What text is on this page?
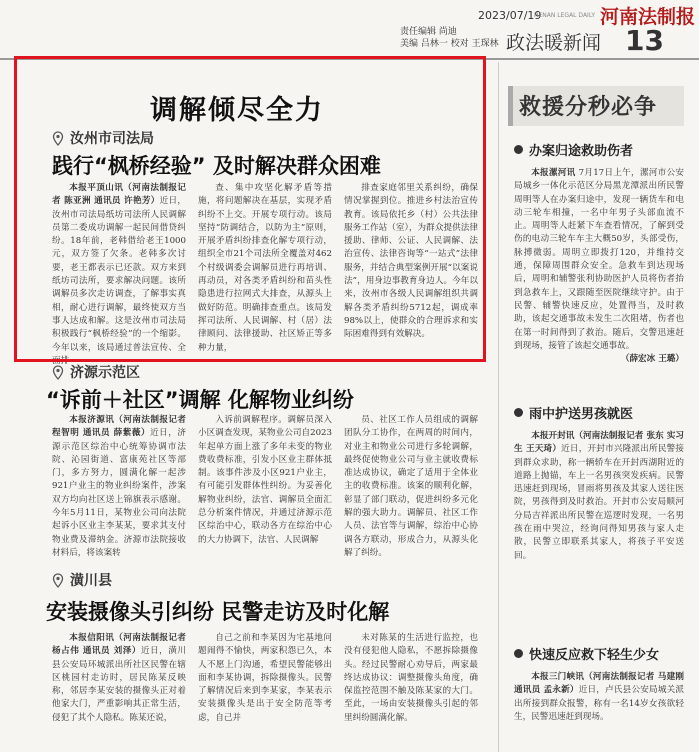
2023/07/19
HENAN LEGAL DAILY 河南法制报
责任编辑 尚迪
美编 吕林一 校对 王琛林 政法暖新闻 13
调解倾尽全力
汝州市司法局
践行“枫桥经验” 及时解决群众困难

本报平顶山讯（河南法制报记者 陈亚洲 通讯员 许艳芳）近日，汝州市司法局纸坊司法所人民调解员第二委成功调解一起民间借贷纠纷。18年前，老韩借给老王1000元，双方签了欠条。老韩多次讨要，老王都表示已还款。双方来到纸坊司法所，要求解决问题。该所调解员多次走访调查，了解事实真相，耐心进行调解，最终使双方当事人达成和解。这是汝州市司法局积极践行“枫桥经验”的一个缩影。今年以来，该局通过普法宣传、全面排

查、集中攻坚化解矛盾等措施，将问题解决在基层，实现矛盾纠纷不上交。开展专项行动。该局坚持“防调结合，以防为主”原则，开展矛盾纠纷排查化解专项行动，组织全市21个司法所全覆盖对462个村级调委会调解员进行再培训、再动员，对各类矛盾纠纷和苗头性隐患进行拉网式大排查，从源头上做好防范。明确排查重点。该局发挥司法所、人民调解、村（居）法律顾问、法律援助、社区矫正等多种力量，

排查家庭邻里关系纠纷，确保情况掌握到位。推进乡村法治宣传教育。该局依托乡（村）公共法律服务工作站（室），为群众提供法律援助、律师、公证、人民调解、法治宣传、法律咨询等“一站式”法律服务，并结合典型案例开展“以案说法”，用身边事教育身边人。今年以来，汝州市各级人民调解组织共调解各类矛盾纠纷5712起，调成率98%以上，使群众的合理诉求和实际困难得到有效解决。

济源示范区
“诉前＋社区”调解 化解物业纠纷

本报济源讯（河南法制报记者 程智明 通讯员 薛紫薇）近日，济源示范区综治中心统筹协调市法院、沁园街道、富康苑社区等部门，多方努力，圆满化解一起涉921户业主的物业纠纷案件，涉案双方均向社区送上锦旗表示感谢。今年5月11日，某物业公司向法院起诉小区业主李某某，要求其支付物业费及滞纳金。济源市法院接收材料后，将该案转

入诉前调解程序。调解员深入小区调查发现，某物业公司自2023年起单方面上涨了多年未变的物业费收费标准，引发小区业主群体抵制。该事件涉及小区921户业主，有可能引发群体性纠纷。为妥善化解物业纠纷，法官、调解员全面汇总分析案件情况，并通过济源示范区综治中心，联动各方在综治中心的大力协调下，法官、人民调解

员、社区工作人员组成的调解团队分工协作，在两周的时间内，对业主和物业公司进行多轮调解，最终促使物业公司与业主就收费标准达成协议，确定了适用于全体业主的收费标准。该案的顺利化解，彰显了部门联动，促进纠纷多元化解的强大助力。调解员、社区工作人员、法官等与调解，综治中心协调各方联动，形成合力，从源头化解了纠纷。

潢川县
安装摄像头引纠纷 民警走访及时化解

本报信阳讯（河南法制报记者 杨占伟 通讯员 刘泽）近日，潢川县公安局环城派出所社区民警在辖区桃园村走访时，居民陈某反映称，邻居李某安装的摄像头正对着他家大门，严重影响其正常生活，侵犯了其个人隐私。陈某还说，

自己之前和李某因为宅基地问题闹得不愉快，两家积怨已久，本人不愿上门沟通，希望民警能够出面和李某协调，拆除摄像头。民警了解情况后来到李某家，李某表示安装摄像头是出于安全防范等考虑，自己并

未对陈某的生活进行监控，也没有侵犯他人隐私，不愿拆除摄像头。经过民警耐心劝导后，两家最终达成协议：调整摄像头角度，确保监控范围不触及陈某家的大门。至此，一场由安装摄像头引起的邻里纠纷圆满化解。

救援分秒必争
办案归途救助伤者

本报漯河讯 7月17日上午，漯河市公安局城乡一体化示范区分局黑龙潭派出所民警周明等人在办案归途中，发现一辆货车和电动三轮车相撞，一名中年男子头部血流不止。周明等人赶紧下车查看情况，了解到受伤的电动三轮车车主大概50岁，头部受伤，脉搏微弱。周明立即拨打120，并维持交通，保障周围群众安全。急救车到达现场后，周明和辅警张利协助医护人员将伤者抬到急救车上，又跟随至医院继续守护。由于民警、辅警快速反应，处置得当，及时救助，该起交通事故未发生二次阻堵，伤者也在第一时间得到了救治。随后，交警迅速赶到现场，接管了该起交通事故。

（薛宏冰 王璐）

雨中护送男孩就医

本报开封讯（河南法制报记者 张东 实习生 王天琦）近日，开封市兴隆派出所民警接到群众求助，称一辆轿车在开封西湖附近的道路上抛锚，车上一名男孩突发疾病。民警迅速赶到现场，冒雨将男孩及其家人送往医院，男孩得到及时救治。开封市公安局顺河分局吉祥派出所民警在巡逻时发现，一名男孩在雨中哭泣，经询问得知男孩与家人走散，民警立即联系其家人，将孩子平安送回。

快速反应救下轻生少女

本报三门峡讯（河南法制报记者 马建刚 通讯员 孟永新）近日，卢氏县公安局城关派出所接到群众报警，称有一名14岁女孩欲轻生，民警迅速赶到现场。
